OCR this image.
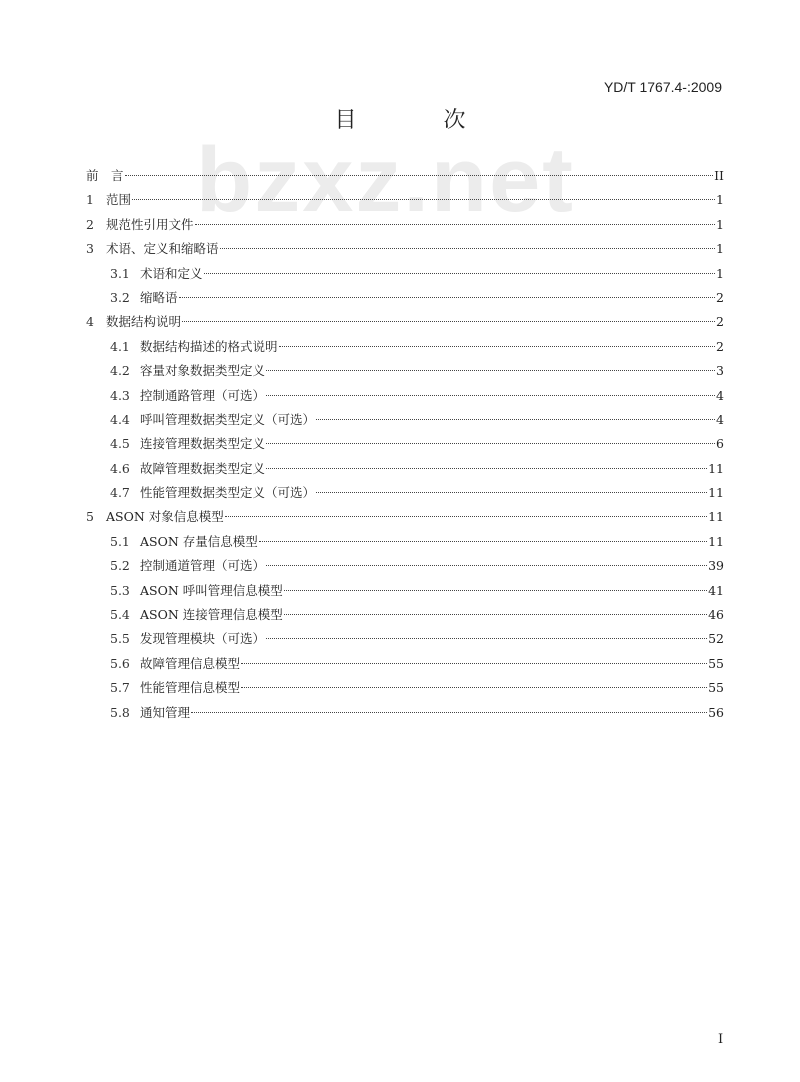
bzxz.net
YD/T 1767.4-:2009
目 次
前　言	II
1 范围	1
2 规范性引用文件	1
3 术语、定义和缩略语	1
3.1 术语和定义	1
3.2 缩略语	2
4 数据结构说明	2
4.1 数据结构描述的格式说明	2
4.2 容量对象数据类型定义	3
4.3 控制通路管理（可选）	4
4.4 呼叫管理数据类型定义（可选）	4
4.5 连接管理数据类型定义	6
4.6 故障管理数据类型定义	11
4.7 性能管理数据类型定义（可选）	11
5 ASON 对象信息模型	11
5.1 ASON 存量信息模型	11
5.2 控制通道管理（可选）	39
5.3 ASON 呼叫管理信息模型	41
5.4 ASON 连接管理信息模型	46
5.5 发现管理模块（可选）	52
5.6 故障管理信息模型	55
5.7 性能管理信息模型	55
5.8 通知管理	56
I
